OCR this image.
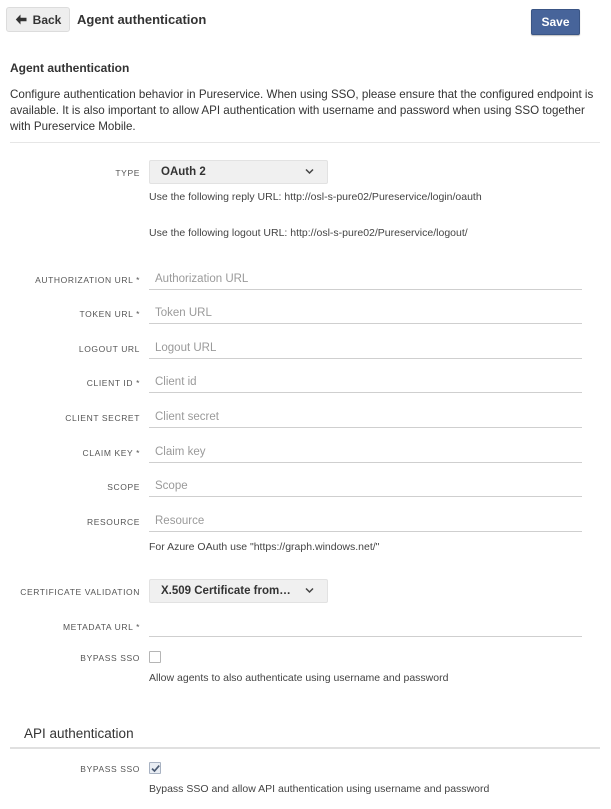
Back Agent authentication	Save
Agent authentication
Configure authentication behavior in Pureservice. When using SSO, please ensure that the configured endpoint is available. It is also important to allow API authentication with username and password when using SSO together with Pureservice Mobile.
TYPE OAuth 2
Use the following reply URL: http://osl-s-pure02/Pureservice/login/oauth
Use the following logout URL: http://osl-s-pure02/Pureservice/logout/
AUTHORIZATION URL *
Authorization URL
TOKEN URL *
Token URL
LOGOUT URL
Logout URL
CLIENT ID *
Client id
CLIENT SECRET
Client secret
CLAIM KEY *
Claim key
SCOPE
Scope
RESOURCE
Resource
For Azure OAuth use "https://graph.windows.net/"
CERTIFICATE VALIDATION X.509 Certificate from…
METADATA URL *
BYPASS SSO
Allow agents to also authenticate using username and password
API authentication
BYPASS SSO
Bypass SSO and allow API authentication using username and password
